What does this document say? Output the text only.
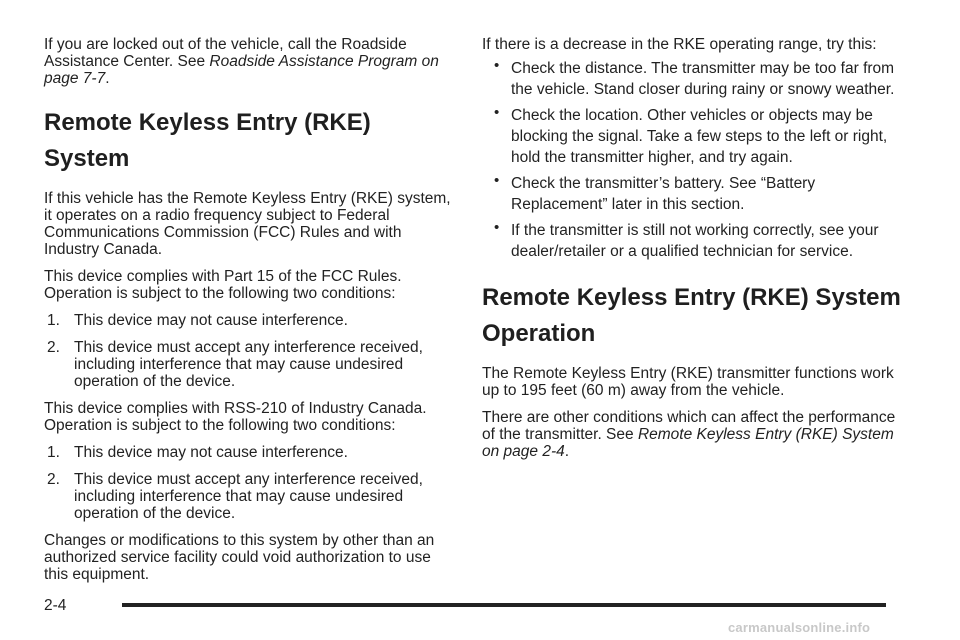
If you are locked out of the vehicle, call the Roadside Assistance Center. See Roadside Assistance Program on page 7-7.

Remote Keyless Entry (RKE) System

If this vehicle has the Remote Keyless Entry (RKE) system, it operates on a radio frequency subject to Federal Communications Commission (FCC) Rules and with Industry Canada.

This device complies with Part 15 of the FCC Rules. Operation is subject to the following two conditions:

1. This device may not cause interference.
2. This device must accept any interference received, including interference that may cause undesired operation of the device.

This device complies with RSS-210 of Industry Canada. Operation is subject to the following two conditions:

1. This device may not cause interference.
2. This device must accept any interference received, including interference that may cause undesired operation of the device.

Changes or modifications to this system by other than an authorized service facility could void authorization to use this equipment.

If there is a decrease in the RKE operating range, try this:

• Check the distance. The transmitter may be too far from the vehicle. Stand closer during rainy or snowy weather.
• Check the location. Other vehicles or objects may be blocking the signal. Take a few steps to the left or right, hold the transmitter higher, and try again.
• Check the transmitter’s battery. See “Battery Replacement” later in this section.
• If the transmitter is still not working correctly, see your dealer/retailer or a qualified technician for service.
Remote Keyless Entry (RKE) System Operation

The Remote Keyless Entry (RKE) transmitter functions work up to 195 feet (60 m) away from the vehicle.

There are other conditions which can affect the performance of the transmitter. See Remote Keyless Entry (RKE) System on page 2-4.

2-4
carmanualsonline.info
